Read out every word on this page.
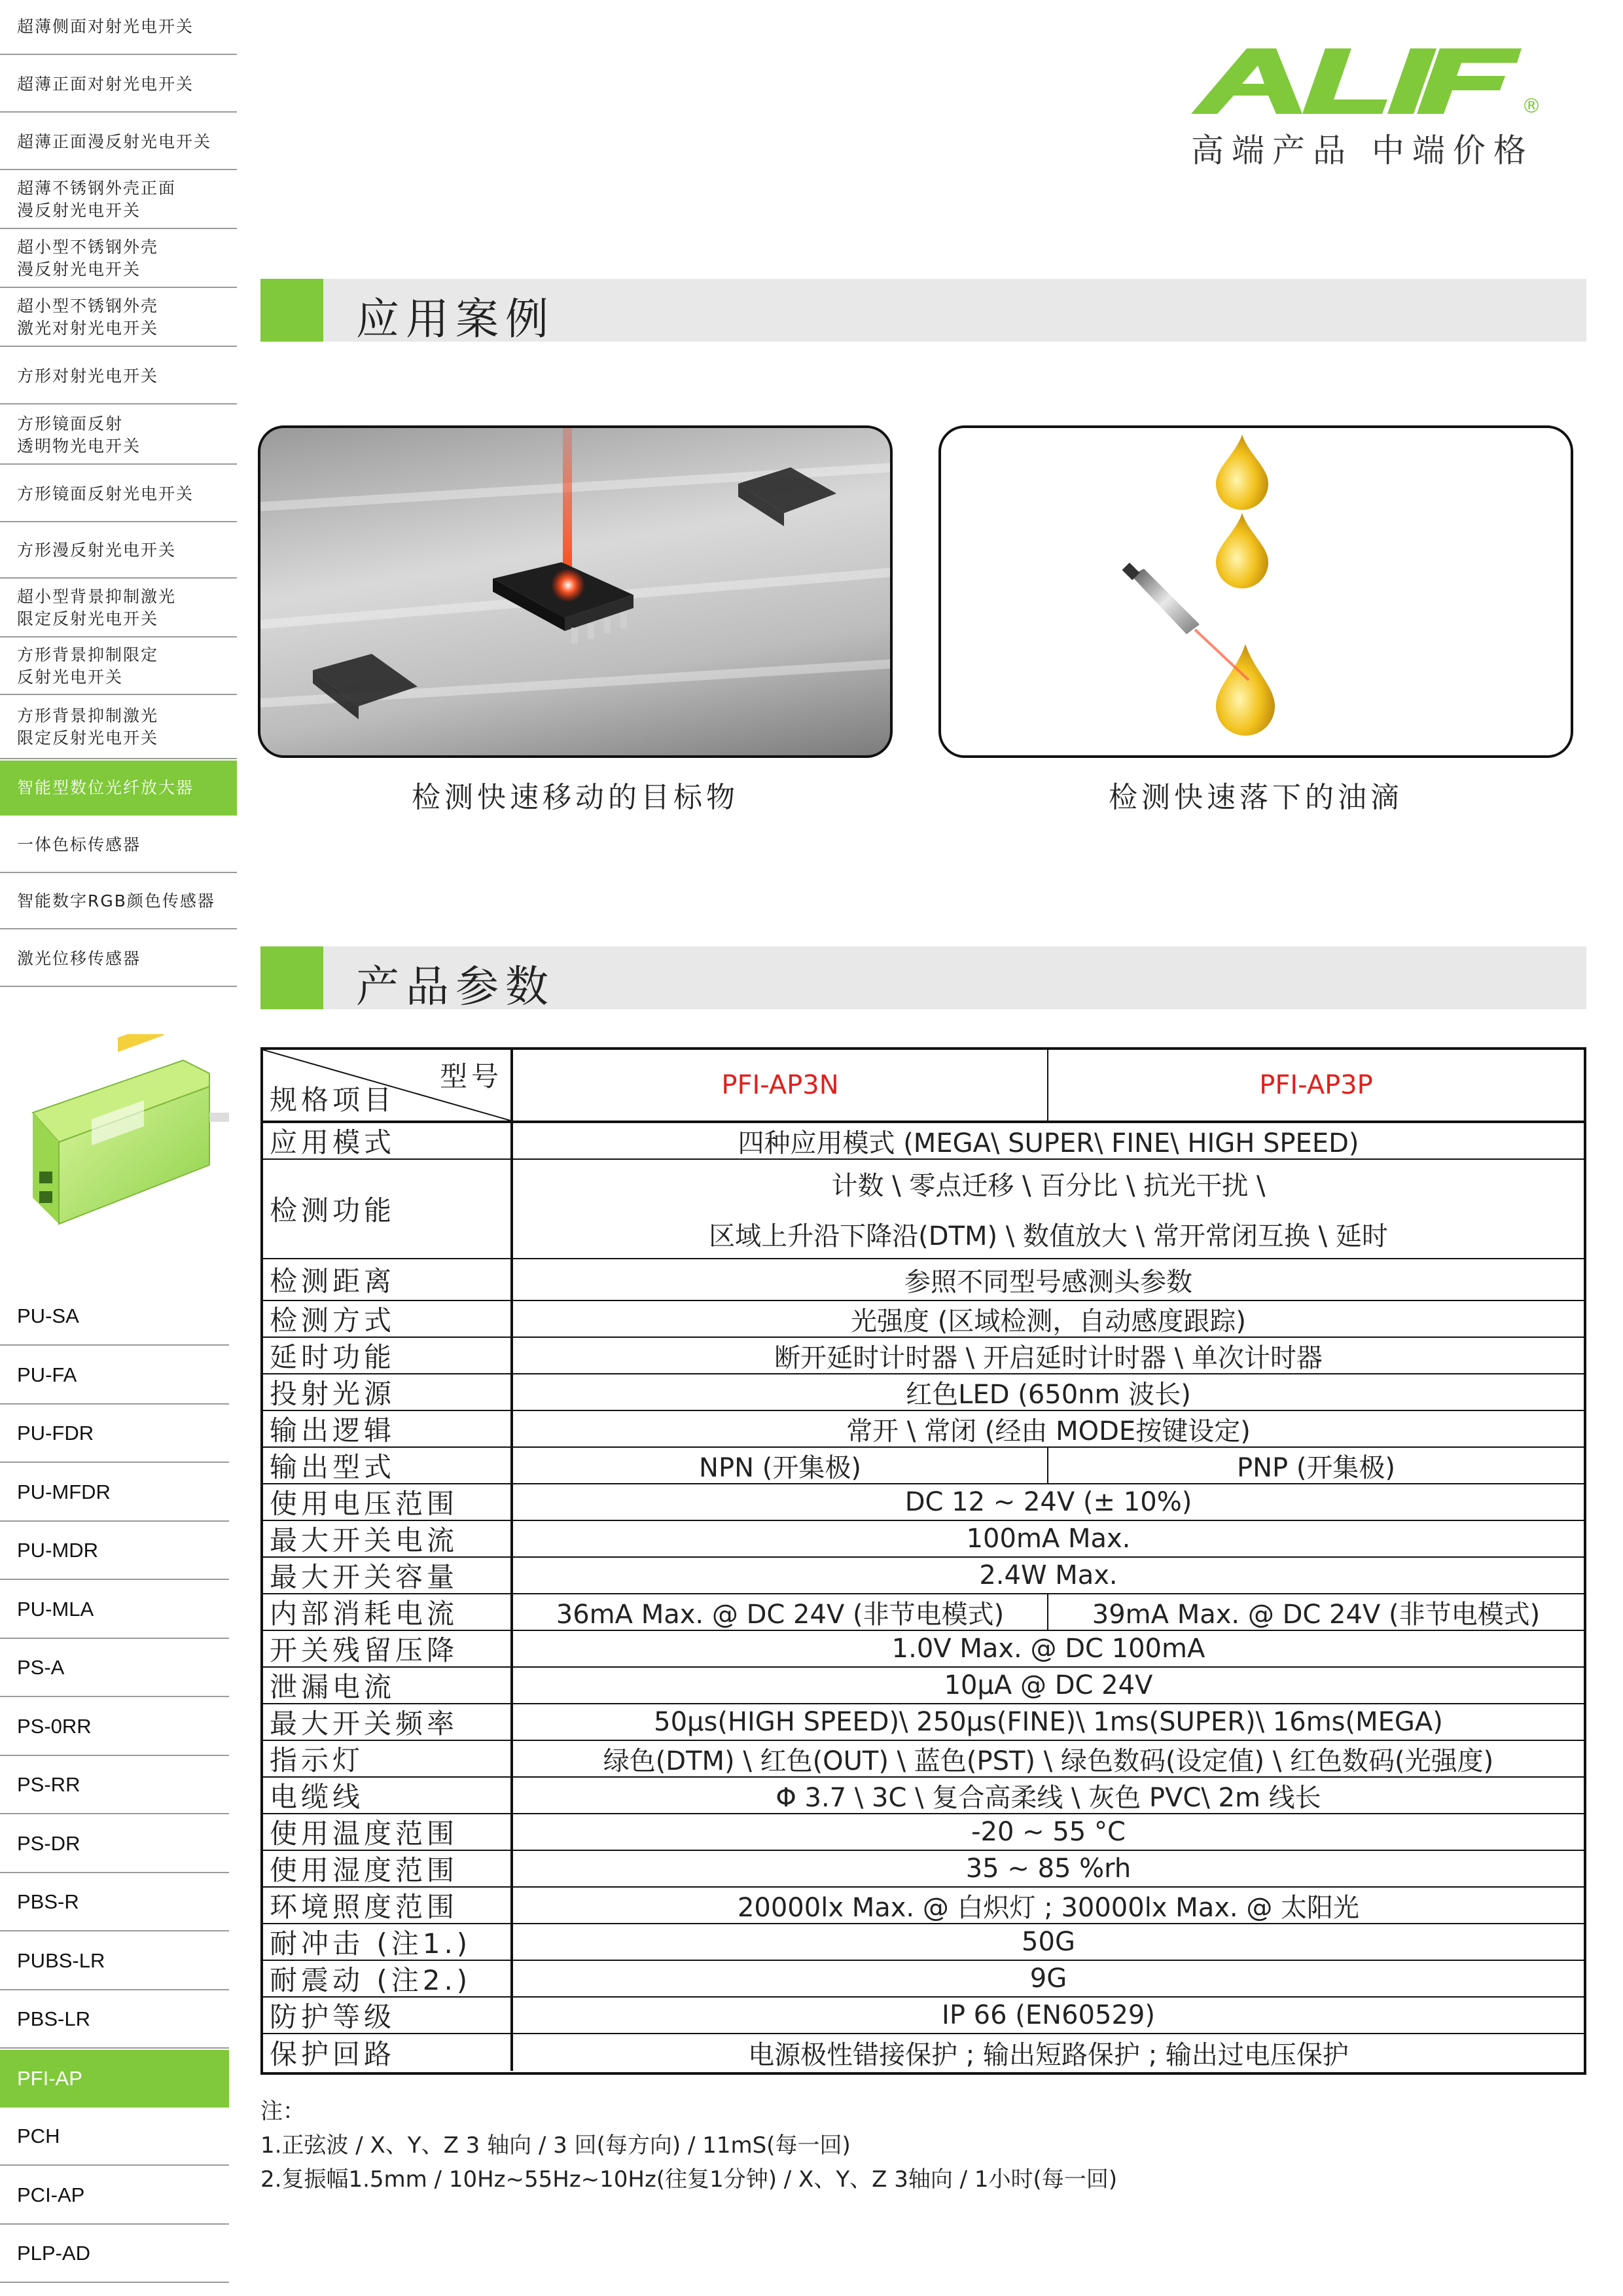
超薄侧面对射光电开关
超薄正面对射光电开关
超薄正面漫反射光电开关
超薄不锈钢外壳正面
漫反射光电开关
超小型不锈钢外壳
漫反射光电开关
超小型不锈钢外壳
激光对射光电开关
方形对射光电开关
方形镜面反射
透明物光电开关
方形镜面反射光电开关
方形漫反射光电开关
超小型背景抑制激光
限定反射光电开关
方形背景抑制限定
反射光电开关
方形背景抑制激光
限定反射光电开关
智能型数位光纤放大器
一体色标传感器
智能数字RGB颜色传感器
激光位移传感器
PU-SA
PU-FA
PU-FDR
PU-MFDR
PU-MDR
PU-MLA
PS-A
PS-0RR
PS-RR
PS-DR
PBS-R
PUBS-LR
PBS-LR
PFI-AP
PCH
PCI-AP
PLP-AD
®
高端产品 中端价格
应用案例
检测快速移动的目标物	检测快速落下的油滴
产品参数
型号
规格项目	PFI-AP3N	PFI-AP3P
应用模式	四种应用模式 (MEGA\ SUPER\ FINE\ HIGH SPEED)
检测功能
计数 \ 零点迁移 \ 百分比 \ 抗光干扰 \
区域上升沿下降沿(DTM) \ 数值放大 \ 常开常闭互换 \ 延时
检测距离	参照不同型号感测头参数
检测方式	光强度 (区域检测，自动感度跟踪)
延时功能	断开延时计时器 \ 开启延时计时器 \ 单次计时器
投射光源	红色LED (650nm 波长)
输出逻辑	常开 \ 常闭 (经由 MODE按键设定)
输出型式	NPN (开集极)	PNP (开集极)
使用电压范围	DC 12 ~ 24V (± 10%)
最大开关电流	100mA Max.
最大开关容量	2.4W Max.
内部消耗电流	36mA Max. @ DC 24V (非节电模式)	39mA Max. @ DC 24V (非节电模式)
开关残留压降	1.0V Max. @ DC 100mA
泄漏电流	10µA @ DC 24V
最大开关频率	50µs(HIGH SPEED)\ 250µs(FINE)\ 1ms(SUPER)\ 16ms(MEGA)
指示灯	绿色(DTM) \ 红色(OUT) \ 蓝色(PST) \ 绿色数码(设定值) \ 红色数码(光强度)
电缆线	Φ 3.7 \ 3C \ 复合高柔线 \ 灰色 PVC\ 2m 线长
使用温度范围	-20 ~ 55 °C
使用湿度范围	35 ~ 85 %rh
环境照度范围	20000lx Max. @ 白炽灯 ; 30000lx Max. @ 太阳光
耐冲击 (注1.)	50G
耐震动 (注2.)	9G
防护等级	IP 66 (EN60529)
保护回路	电源极性错接保护 ; 输出短路保护 ; 输出过电压保护
注：
1.正弦波 / X、Y、Z 3 轴向 / 3 回(每方向) / 11mS(每一回)
2.复振幅1.5mm / 10Hz~55Hz~10Hz(往复1分钟) / X、Y、Z 3轴向 / 1小时(每一回)
